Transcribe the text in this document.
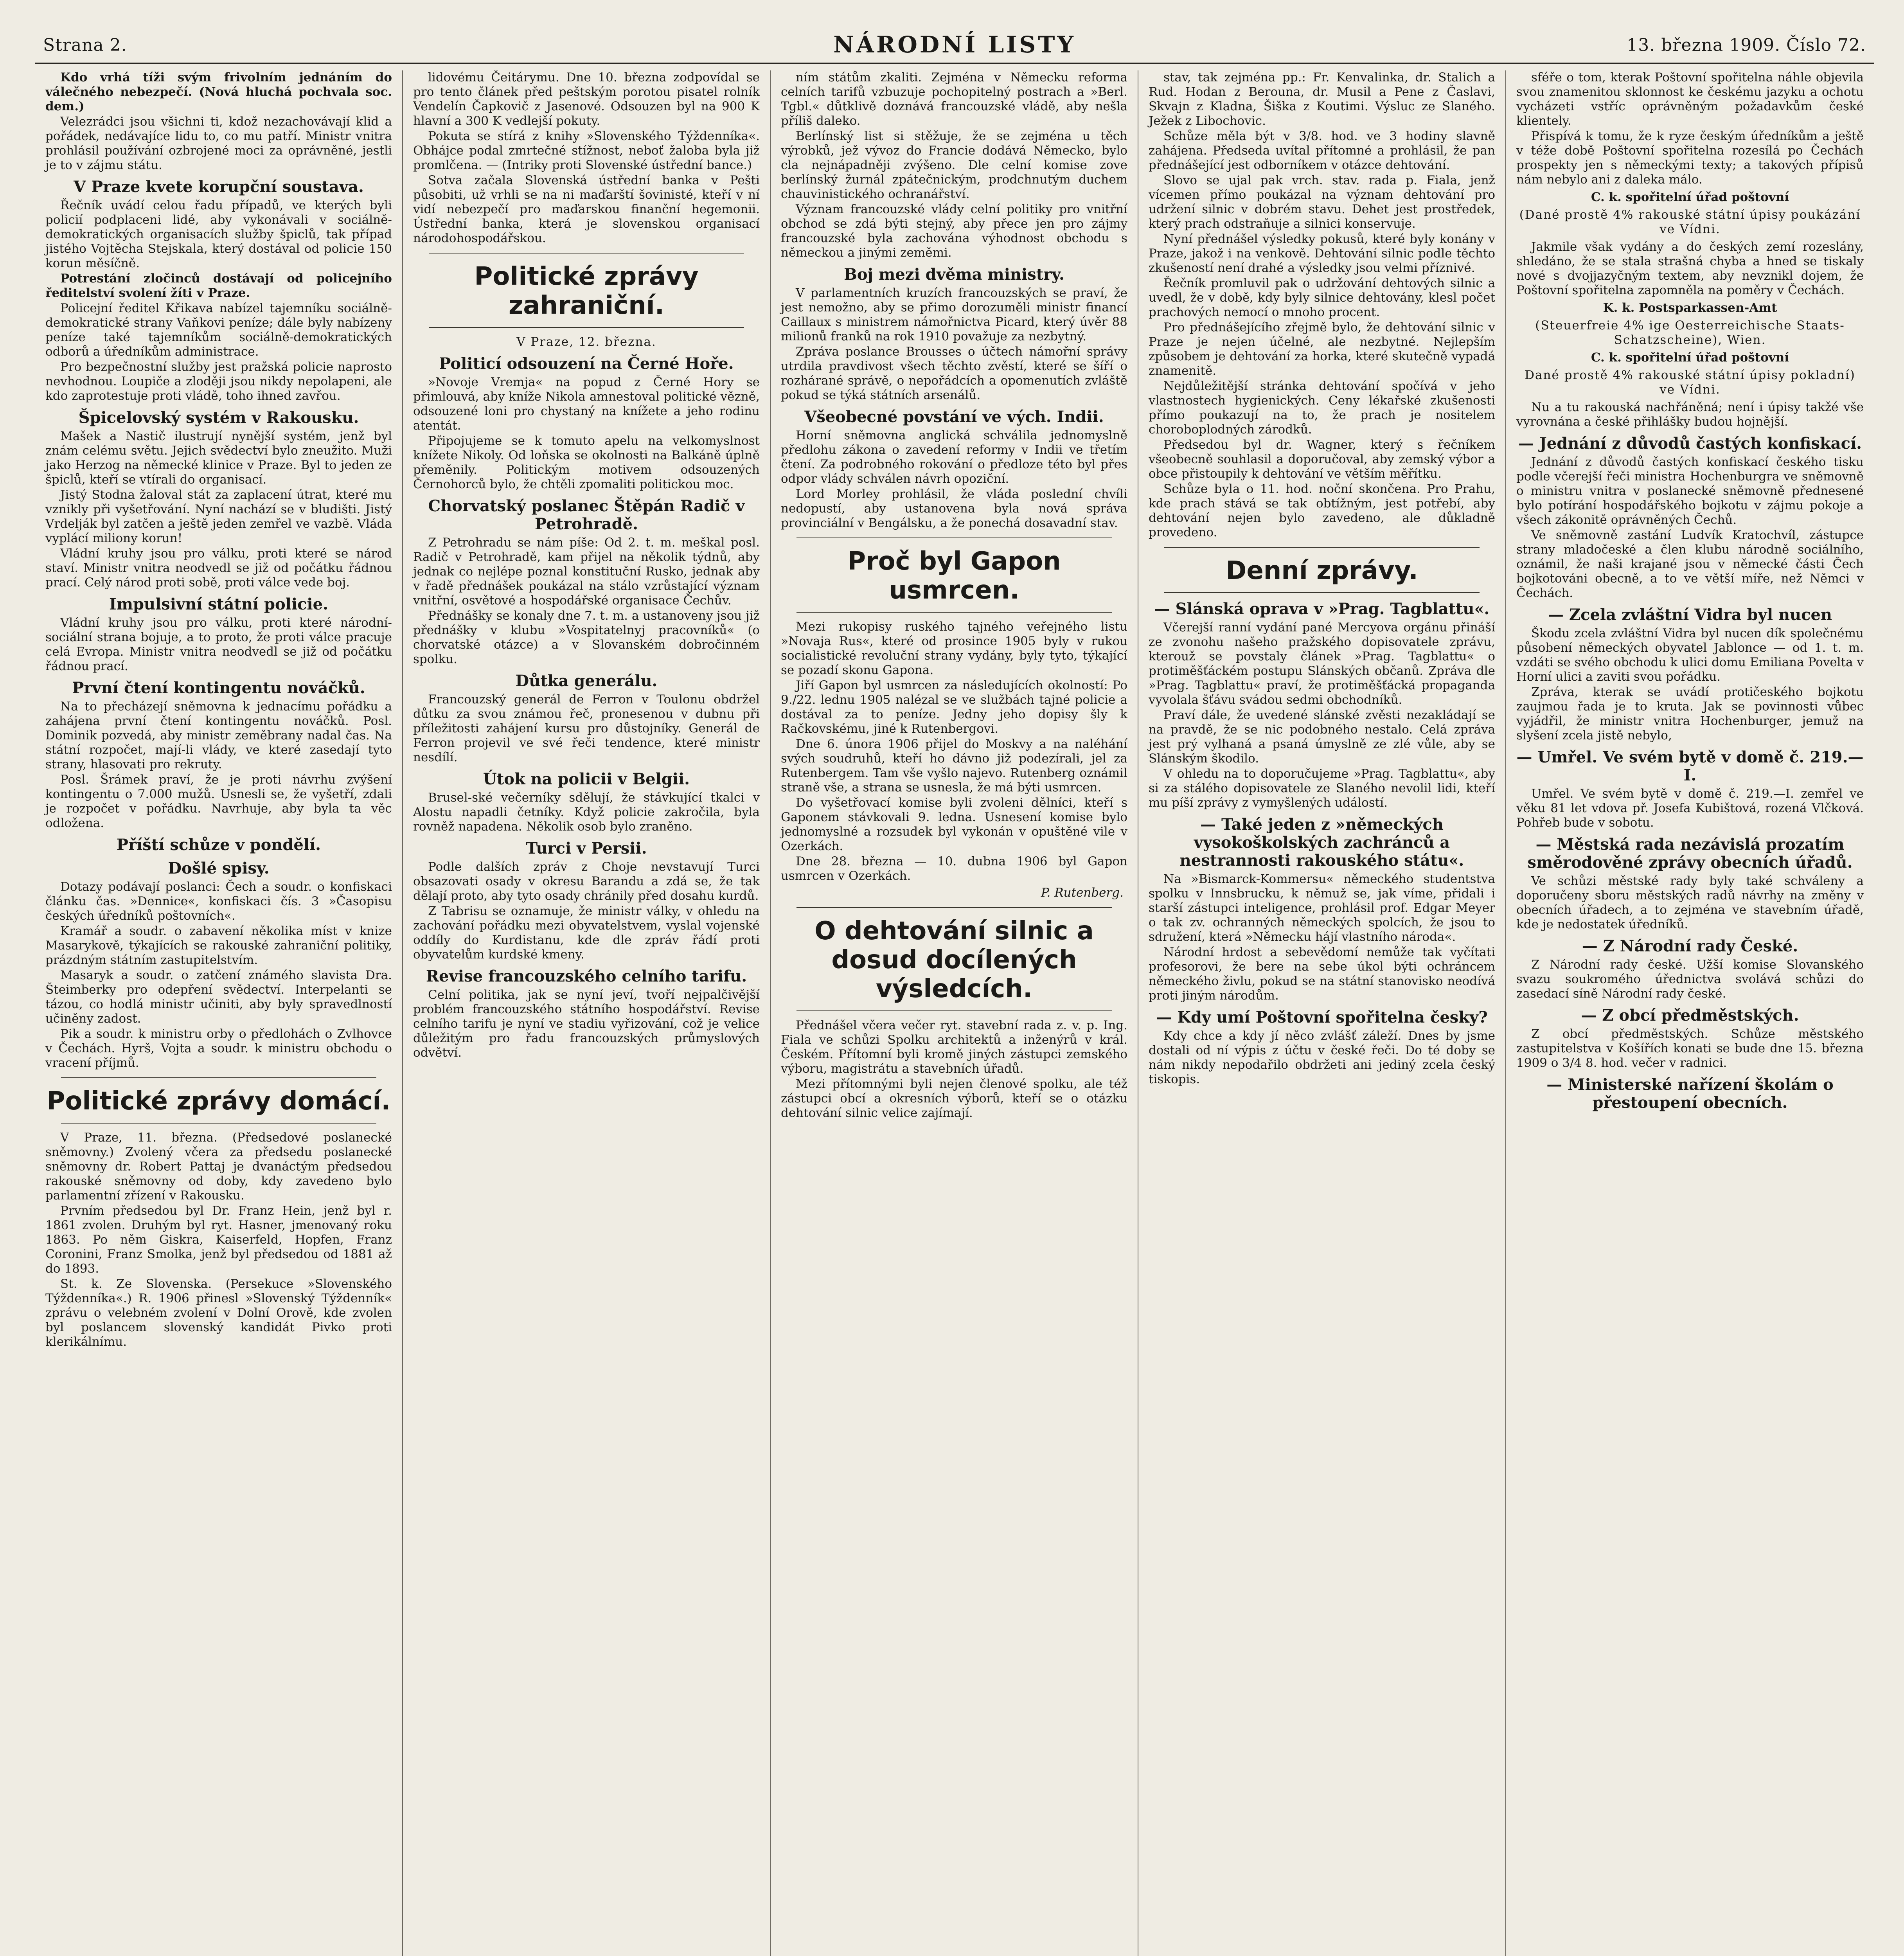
Strana 2.	NÁRODNÍ LISTY	13. března 1909. Číslo 72.

Kdo vrhá tíži svým frivolním jednáním do válečného nebezpečí. (Nová hluchá pochvala soc. dem.)

Velezrádci jsou všichni ti, kdož nezachovávají klid a pořádek, nedávajíce lidu to, co mu patří. Ministr vnitra prohlásil používání ozbrojené moci za oprávněné, jestli je to v zájmu státu.

V Praze kvete korupční soustava.

Řečník uvádí celou řadu případů, ve kterých byli policií podplaceni lidé, aby vykonávali v sociálně-demokratických organisacích služby špiclů, tak případ jistého Vojtěcha Stejskala, který dostával od policie 150 korun měsíčně.

Potrestání zločinců dostávají od policejního ředitelství svolení žíti v Praze.

Policejní ředitel Křikava nabízel tajemníku sociálně-demokratické strany Vaňkovi peníze; dále byly nabízeny peníze také tajemníkům sociálně-demokratických odborů a úředníkům administrace.

Pro bezpečnostní služby jest pražská policie naprosto nevhodnou. Loupiče a zloději jsou nikdy nepolapeni, ale kdo zaprotestuje proti vládě, toho ihned zavřou.

Špicelovský systém v Rakousku.

Mašek a Nastič ilustrují nynější systém, jenž byl znám celému světu. Jejich svědectví bylo zneužito. Muži jako Herzog na německé klinice v Praze. Byl to jeden ze špiclů, kteří se vtírali do organisací.

Jistý Stodna žaloval stát za zaplacení útrat, které mu vznikly při vyšetřování. Nyní nachází se v bludišti. Jistý Vrdelják byl zatčen a ještě jeden zemřel ve vazbě. Vláda vyplácí miliony korun!

Vládní kruhy jsou pro válku, proti které se národ staví. Ministr vnitra neodvedl se již od počátku řádnou prací. Celý národ proti sobě, proti válce vede boj.

Impulsivní státní policie.

Vládní kruhy jsou pro válku, proti které národní-sociální strana bojuje, a to proto, že proti válce pracuje celá Evropa. Ministr vnitra neodvedl se již od počátku řádnou prací.

První čtení kontingentu nováčků.

Na to přecházejí sněmovna k jednacímu pořádku a zahájena první čtení kontingentu nováčků. Posl. Dominik pozvedá, aby ministr zeměbrany nadal čas. Na státní rozpočet, mají-li vlády, ve které zasedají tyto strany, hlasovati pro rekruty.

Posl. Šrámek praví, že je proti návrhu zvýšení kontingentu o 7.000 mužů. Usnesli se, že vyšetří, zdali je rozpočet v pořádku. Navrhuje, aby byla ta věc odložena.

Příští schůze v pondělí.

Došlé spisy.

Dotazy podávají poslanci: Čech a soudr. o konfiskaci článku čas. »Dennice«, konfiskaci čís. 3 »Časopisu českých úředníků poštovních«.

Kramář a soudr. o zabavení několika míst v knize Masarykově, týkajících se rakouské zahraniční politiky, prázdným státním zastupitelstvím.

Masaryk a soudr. o zatčení známého slavista Dra. Šteimberky pro odepření svědectví. Interpelanti se tázou, co hodlá ministr učiniti, aby byly spravedlností učiněny zadost.

Pik a soudr. k ministru orby o předlohách o Zvlhovce v Čechách. Hyrš, Vojta a soudr. k ministru obchodu o vracení příjmů.

Politické zprávy domácí.

V Praze, 11. března. (Předsedové poslanecké sněmovny.) Zvolený včera za předsedu poslanecké sněmovny dr. Robert Pattaj je dvanáctým předsedou rakouské sněmovny od doby, kdy zavedeno bylo parlamentní zřízení v Rakousku.

Prvním předsedou byl Dr. Franz Hein, jenž byl r. 1861 zvolen. Druhým byl ryt. Hasner, jmenovaný roku 1863. Po něm Giskra, Kaiserfeld, Hopfen, Franz Coronini, Franz Smolka, jenž byl předsedou od 1881 až do 1893.

St. k. Ze Slovenska. (Persekuce »Slovenského Týždenníka«.) R. 1906 přinesl »Slovenský Týždenník« zprávu o velebném zvolení v Dolní Orově, kde zvolen byl poslancem slovenský kandidát Pivko proti klerikálnímu.

lidovému Čeitárymu. Dne 10. března zodpovídal se pro tento článek před peštským porotou pisatel rolník Vendelín Čapkovič z Jasenové. Odsouzen byl na 900 K hlavní a 300 K vedlejší pokuty.

Pokuta se stírá z knihy »Slovenského Týždenníka«. Obhájce podal zmrtečné stížnost, neboť žaloba byla již promlčena. — (Intriky proti Slovenské ústřední bance.)

Sotva začala Slovenská ústřední banka v Pešti působiti, už vrhli se na ni maďarští šovinisté, kteří v ní vidí nebezpečí pro maďarskou finanční hegemonii. Ústřední banka, která je slovenskou organisací národohospodářskou.

Politické zprávy zahraniční.

V Praze, 12. března.

Politicí odsouzení na Černé Hoře.

»Novoje Vremja« na popud z Černé Hory se přimlouvá, aby kníže Nikola amnestoval politické vězně, odsouzené loni pro chystaný na knížete a jeho rodinu atentát.

Připojujeme se k tomuto apelu na velkomyslnost knížete Nikoly. Od loňska se okolnosti na Balkáně úplně přeměnily. Politickým motivem odsouzených Černohorců bylo, že chtěli zpomaliti politickou moc.

Chorvatský poslanec Štěpán Radič v Petrohradě.

Z Petrohradu se nám píše: Od 2. t. m. meškal posl. Radič v Petrohradě, kam přijel na několik týdnů, aby jednak co nejlépe poznal konstituční Rusko, jednak aby v řadě přednášek poukázal na stálo vzrůstající význam vnitřní, osvětové a hospodářské organisace Čechův.

Přednášky se konaly dne 7. t. m. a ustanoveny jsou již přednášky v klubu »Vospitatelnyj pracovníků« (o chorvatské otázce) a v Slovanském dobročinném spolku.

Důtka generálu.

Francouzský generál de Ferron v Toulonu obdržel důtku za svou známou řeč, pronesenou v dubnu při příležitosti zahájení kursu pro důstojníky. Generál de Ferron projevil ve své řeči tendence, které ministr nesdílí.

Útok na policii v Belgii.

Brusel-ské večerníky sdělují, že stávkující tkalci v Alostu napadli četníky. Když policie zakročila, byla rovněž napadena. Několik osob bylo zraněno.

Turci v Persii.

Podle dalších zpráv z Choje nevstavují Turci obsazovati osady v okresu Barandu a zdá se, že tak dělají proto, aby tyto osady chránily před dosahu kurdů.

Z Tabrisu se oznamuje, že ministr války, v ohledu na zachování pořádku mezi obyvatelstvem, vyslal vojenské oddíly do Kurdistanu, kde dle zpráv řádí proti obyvatelům kurdské kmeny.

Revise francouzského celního tarifu.

Celní politika, jak se nyní jeví, tvoří nejpalčivější problém francouzského státního hospodářství. Revise celního tarifu je nyní ve stadiu vyřizování, což je velice důležitým pro řadu francouzských průmyslových odvětví.

ním státům zkaliti. Zejména v Německu reforma celních tarifů vzbuzuje pochopitelný postrach a »Berl. Tgbl.« důtklivě doznává francouzské vládě, aby nešla příliš daleko.

Berlínský list si stěžuje, že se zejména u těch výrobků, jež vývoz do Francie dodává Německo, bylo cla nejnápadněji zvýšeno. Dle celní komise zove berlínský žurnál zpátečnickým, prodchnutým duchem chauvinistického ochranářství.

Význam francouzské vlády celní politiky pro vnitřní obchod se zdá býti stejný, aby přece jen pro zájmy francouzské byla zachována výhodnost obchodu s německou a jinými zeměmi.

Boj mezi dvěma ministry.

V parlamentních kruzích francouzských se praví, že jest nemožno, aby se přimo dorozuměli ministr financí Caillaux s ministrem námořnictva Picard, který úvěr 88 milionů franků na rok 1910 považuje za nezbytný.

Zpráva poslance Brousses o účtech námořní správy utrdila pravdivost všech těchto zvěstí, které se šíří o rozhárané správě, o nepořádcích a opomenutích zvláště pokud se týká státních arsenálů.

Všeobecné povstání ve vých. Indii.

Horní sněmovna anglická schválila jednomyslně předlohu zákona o zavedení reformy v Indii ve třetím čtení. Za podrobného rokování o předloze této byl přes odpor vlády schválen návrh opoziční.

Lord Morley prohlásil, že vláda poslední chvíli nedopustí, aby ustanovena byla nová správa provinciální v Bengálsku, a že ponechá dosavadní stav.

Proč byl Gapon usmrcen.

Mezi rukopisy ruského tajného veřejného listu »Novaja Rus«, které od prosince 1905 byly v rukou socialistické revoluční strany vydány, byly tyto, týkající se pozadí skonu Gapona.

Jiří Gapon byl usmrcen za následujících okolností: Po 9./22. lednu 1905 nalézal se ve službách tajné policie a dostával za to peníze. Jedny jeho dopisy šly k Račkovskému, jiné k Rutenbergovi.

Dne 6. února 1906 přijel do Moskvy a na naléhání svých soudruhů, kteří ho dávno již podezírali, jel za Rutenbergem. Tam vše vyšlo najevo. Rutenberg oznámil straně vše, a strana se usnesla, že má býti usmrcen.

Do vyšetřovací komise byli zvoleni dělníci, kteří s Gaponem stávkovali 9. ledna. Usnesení komise bylo jednomyslné a rozsudek byl vykonán v opuštěné vile v Ozerkách.

Dne 28. března — 10. dubna 1906 byl Gapon usmrcen v Ozerkách.

P. Rutenberg.

O dehtování silnic a dosud docílených výsledcích.

Přednášel včera večer ryt. stavební rada z. v. p. Ing. Fiala ve schůzi Spolku architektů a inženýrů v král. Českém. Přítomní byli kromě jiných zástupci zemského výboru, magistrátu a stavebních úřadů.

Mezi přítomnými byli nejen členové spolku, ale též zástupci obcí a okresních výborů, kteří se o otázku dehtování silnic velice zajímají.

stav, tak zejména pp.: Fr. Kenvalinka, dr. Stalich a Rud. Hodan z Berouna, dr. Musil a Pene z Časlavi, Skvajn z Kladna, Šiška z Koutimi. Výsluc ze Slaného. Ježek z Libochovic.

Schůze měla být v 3/8. hod. ve 3 hodiny slavně zahájena. Předseda uvítal přítomné a prohlásil, že pan přednášející jest odborníkem v otázce dehtování.

Slovo se ujal pak vrch. stav. rada p. Fiala, jenž vícemen přímo poukázal na význam dehtování pro udržení silnic v dobrém stavu. Dehet jest prostředek, který prach odstraňuje a silnici konservuje.

Nyní přednášel výsledky pokusů, které byly konány v Praze, jakož i na venkově. Dehtování silnic podle těchto zkušeností není drahé a výsledky jsou velmi příznivé.

Řečník promluvil pak o udržování dehtových silnic a uvedl, že v době, kdy byly silnice dehtovány, klesl počet prachových nemocí o mnoho procent.

Pro přednášejícího zřejmě bylo, že dehtování silnic v Praze je nejen účelné, ale nezbytné. Nejlepším způsobem je dehtování za horka, které skutečně vypadá znamenitě.

Nejdůležitější stránka dehtování spočívá v jeho vlastnostech hygienických. Ceny lékařské zkušenosti přímo poukazují na to, že prach je nositelem choroboplodných zárodků.

Předsedou byl dr. Wagner, který s řečníkem všeobecně souhlasil a doporučoval, aby zemský výbor a obce přistoupily k dehtování ve větším měřítku.

Schůze byla o 11. hod. noční skončena. Pro Prahu, kde prach stává se tak obtížným, jest potřebí, aby dehtování nejen bylo zavedeno, ale důkladně provedeno.

Denní zprávy.

— Slánská oprava v »Prag. Tagblattu«.

Včerejší ranní vydání pané Mercyova orgánu přináší ze zvonohu našeho pražského dopisovatele zprávu, kterouž se povstaly článek »Prag. Tagblattu« o protiměšťáckém postupu Slánských občanů. Zpráva dle »Prag. Tagblattu« praví, že protiměšťácká propaganda vyvolala šťávu svádou sedmi obchodníků.

Praví dále, že uvedené slánské zvěsti nezakládají se na pravdě, že se nic podobného nestalo. Celá zpráva jest prý vylhaná a psaná úmyslně ze zlé vůle, aby se Slánským škodilo.

V ohledu na to doporučujeme »Prag. Tagblattu«, aby si za stálého dopisovatele ze Slaného nevolil lidi, kteří mu píší zprávy z vymyšlených událostí.

— Také jeden z »německých vysokoškolských zachránců a nestrannosti rakouského státu«.

Na »Bismarck-Kommersu« německého studentstva spolku v Innsbrucku, k němuž se, jak víme, přidali i starší zástupci inteligence, prohlásil prof. Edgar Meyer o tak zv. ochranných německých spolcích, že jsou to sdružení, která »Německu hájí vlastního národa«.

Národní hrdost a sebevědomí nemůže tak vyčítati profesorovi, že bere na sebe úkol býti ochráncem německého živlu, pokud se na státní stanovisko neodívá proti jiným národům.

— Kdy umí Poštovní spořitelna česky?

Kdy chce a kdy jí něco zvlášť záleží. Dnes by jsme dostali od ní výpis z účtu v české řeči. Do té doby se nám nikdy nepodařilo obdržeti ani jediný zcela český tiskopis.

sféře o tom, kterak Poštovní spořitelna náhle objevila svou znamenitou sklonnost ke českému jazyku a ochotu vycházeti vstříc oprávněným požadavkům české klientely.

Přispívá k tomu, že k ryze českým úředníkům a ještě v téže době Poštovní spořitelna rozesílá po Čechách prospekty jen s německými texty; a takových přípisů nám nebylo ani z daleka málo.

C. k. spořitelní úřad poštovní

(Dané prostě 4% rakouské státní úpisy poukázání ve Vídni.

Jakmile však vydány a do českých zemí rozeslány, shledáno, že se stala strašná chyba a hned se tiskaly nové s dvojjazyčným textem, aby nevznikl dojem, že Poštovní spořitelna zapomněla na poměry v Čechách.

K. k. Postsparkassen-Amt

(Steuerfreie 4% ige Oesterreichische Staats-Schatzscheine), Wien.

C. k. spořitelní úřad poštovní

Dané prostě 4% rakouské státní úpisy pokladní) ve Vídni.

Nu a tu rakouská nachřáněná; není i úpisy takžé vše vyrovnána a české přihlášky budou hojnější.

— Jednání z důvodů častých konfiskací.

Jednání z důvodů častých konfiskací českého tisku podle včerejší řeči ministra Hochenburgra ve sněmovně o ministru vnitra v poslanecké sněmovně přednesené bylo potírání hospodářského bojkotu v zájmu pokoje a všech zákonitě oprávněných Čechů.

Ve sněmovně zastání Ludvík Kratochvíl, zástupce strany mladočeské a člen klubu národně sociálního, oznámil, že naši krajané jsou v německé části Čech bojkotováni obecně, a to ve větší míře, než Němci v Čechách.

— Zcela zvláštní Vidra byl nucen

Škodu zcela zvláštní Vidra byl nucen dík společnému působení německých obyvatel Jablonce — od 1. t. m. vzdáti se svého obchodu k ulici domu Emiliana Povelta v Horní ulici a zaviti svou pořádku.

Zpráva, kterak se uvádí protičeského bojkotu zaujmou řada je to kruta. Jak se povinnosti vůbec vyjádřil, že ministr vnitra Hochenburger, jemuž na slyšení zcela jistě nebylo,

— Umřel. Ve svém bytě v domě č. 219.—I.

Umřel. Ve svém bytě v domě č. 219.—I. zemřel ve věku 81 let vdova př. Josefa Kubištová, rozená Vlčková. Pohřeb bude v sobotu.

— Městská rada nezávislá prozatím směrodověné zprávy obecních úřadů.

Ve schůzi městské rady byly také schváleny a doporučeny sboru městských radů návrhy na změny v obecních úřadech, a to zejména ve stavebním úřadě, kde je nedostatek úředníků.

— Z Národní rady České.

Z Národní rady české. Užší komise Slovanského svazu soukromého úřednictva svolává schůzi do zasedací síně Národní rady české.

— Z obcí předměstských.

Z obcí předměstských. Schůze městského zastupitelstva v Košířích konati se bude dne 15. března 1909 o 3/4 8. hod. večer v radnici.

— Ministerské nařízení školám o přestoupení obecních.
